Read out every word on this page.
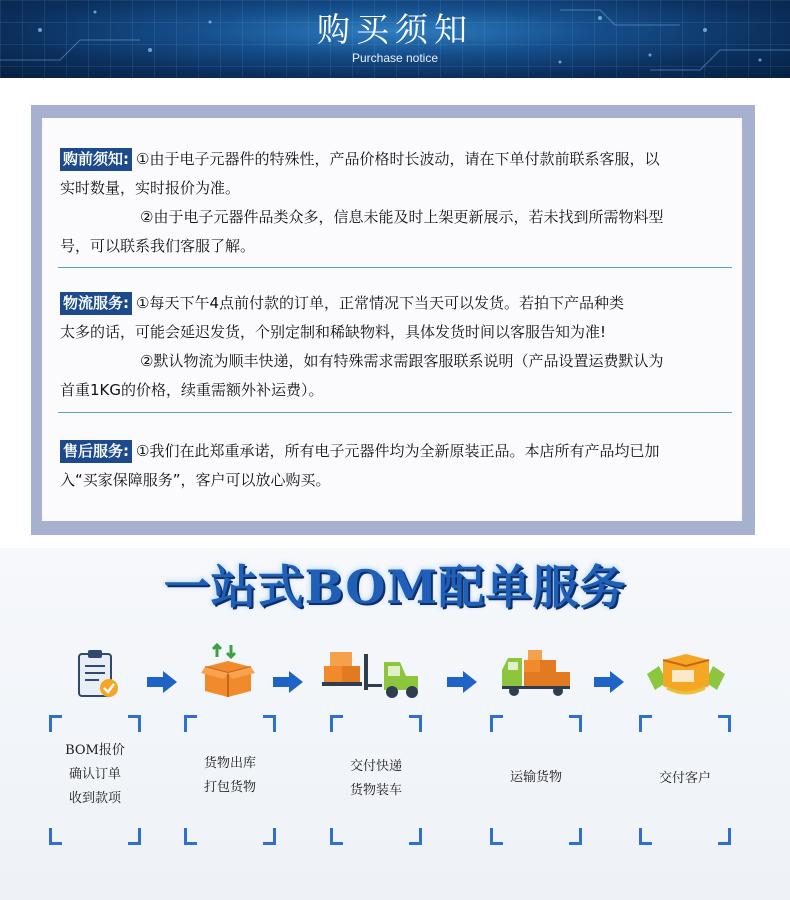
购买须知
Purchase notice
购前须知: ①由于电子元器件的特殊性，产品价格时长波动，请在下单付款前联系客服，以
实时数量，实时报价为准。
②由于电子元器件品类众多，信息未能及时上架更新展示，若未找到所需物料型
号，可以联系我们客服了解。
物流服务: ①每天下午4点前付款的订单，正常情况下当天可以发货。若拍下产品种类
太多的话，可能会延迟发货，个别定制和稀缺物料，具体发货时间以客服告知为准!
②默认物流为顺丰快递，如有特殊需求需跟客服联系说明（产品设置运费默认为
首重1KG的价格，续重需额外补运费）。
售后服务: ①我们在此郑重承诺，所有电子元器件均为全新原装正品。本店所有产品均已加
入“买家保障服务”，客户可以放心购买。
一站式BOM配单服务
BOM报价
确认订单
收到款项
货物出库
打包货物
交付快递
货物装车
运输货物	交付客户
